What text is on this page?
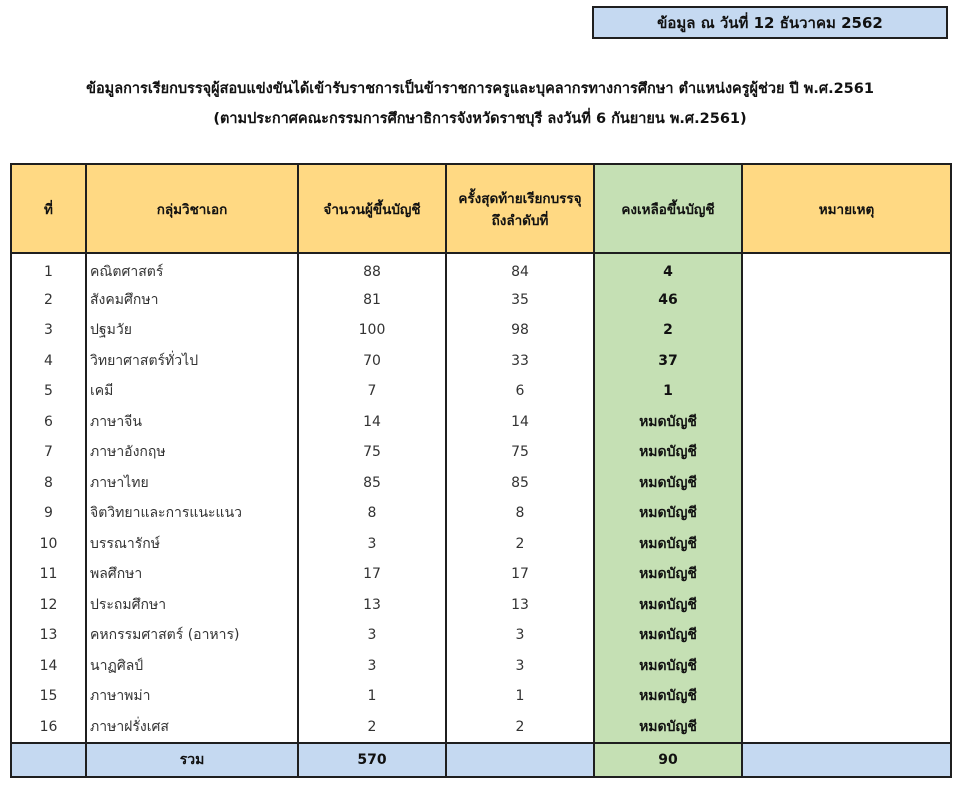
ข้อมูล ณ วันที่ 12 ธันวาคม 2562
ข้อมูลการเรียกบรรจุผู้สอบแข่งขันได้เข้ารับราชการเป็นข้าราชการครูและบุคลากรทางการศึกษา ตำแหน่งครูผู้ช่วย ปี พ.ศ.2561
(ตามประกาศคณะกรรมการศึกษาธิการจังหวัดราชบุรี ลงวันที่ 6 กันยายน พ.ศ.2561)
ที่	กลุ่มวิชาเอก	จำนวนผู้ขึ้นบัญชี	ครั้งสุดท้ายเรียกบรรจุ
ถึงลำดับที่	คงเหลือขึ้นบัญชี	หมายเหตุ
1	คณิตศาสตร์	88	84	4	
2	สังคมศึกษา	81	35	46	
3	ปฐมวัย	100	98	2	
4	วิทยาศาสตร์ทั่วไป	70	33	37	
5	เคมี	7	6	1	
6	ภาษาจีน	14	14	หมดบัญชี	
7	ภาษาอังกฤษ	75	75	หมดบัญชี	
8	ภาษาไทย	85	85	หมดบัญชี	
9	จิตวิทยาและการแนะแนว	8	8	หมดบัญชี	
10	บรรณารักษ์	3	2	หมดบัญชี	
11	พลศึกษา	17	17	หมดบัญชี	
12	ประถมศึกษา	13	13	หมดบัญชี	
13	คหกรรมศาสตร์ (อาหาร)	3	3	หมดบัญชี	
14	นาฏศิลป์	3	3	หมดบัญชี	
15	ภาษาพม่า	1	1	หมดบัญชี	
16	ภาษาฝรั่งเศส	2	2	หมดบัญชี	
	รวม	570		90	
